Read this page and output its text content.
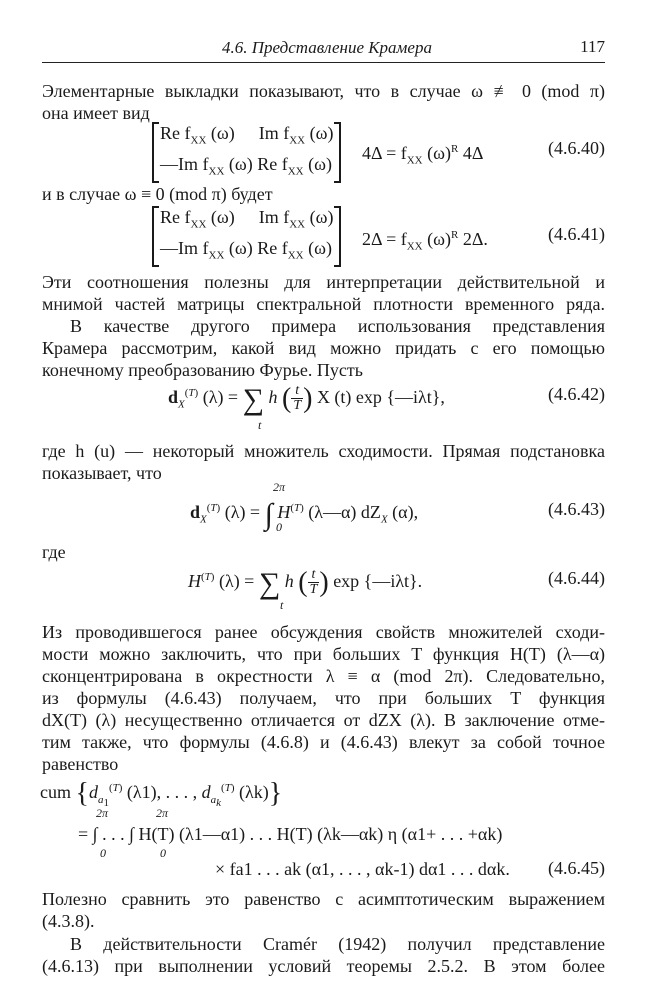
4.6. Представление Крамера	117
Элементарные выкладки показывают, что в случае ω ≢ 0 (mod π)
она имеет вид
Re $f_{XX}$ (ω) Im $f_{XX}$ (ω)
—Im $f_{XX}$ (ω) Re $f_{XX}$ (ω)
$4\Delta = f_{XX}$ $(\omega)^R$ 4Δ	(4.6.40)
и в случае ω ≡ 0 (mod π) будет
Re $f_{XX}$ (ω) Im $f_{XX}$ (ω)
—Im $f_{XX}$ (ω) Re $f_{XX}$ (ω) $2\Delta = f_{XX}$ $(\omega)^R$ 2Δ.	(4.6.41)
Эти соотношения полезны для интерпретации действительной и
мнимой частей матрицы спектральной плотности временного ряда.
В качестве другого примера использования представления
Крамера рассмотрим, какой вид можно придать с его помощью
конечному преобразованию Фурье. Пусть
$d_X^{(T)}$ (λ) = ∑ h ( $\frac{t}{T}$ ) X (t) exp {—iλt},
t
(4.6.42)
где h (u) — некоторый множитель сходимости. Прямая подстановка
показывает, что
2π
$d_X^{(T)}$ (λ) = ∫ $H^{(T)}$ (λ—α) $dZ_X$ (α),
0
(4.6.43)
где
$H^{(T)}$ (λ) = ∑ h ( $\frac{t}{T}$ ) exp {—iλt}.
t
(4.6.44)
Из проводившегося ранее обсуждения свойств множителей сходи-
мости можно заключить, что при больших T функция H(T) (λ—α)
сконцентрирована в окрестности λ ≡ α (mod 2π). Следовательно,
из формулы (4.6.43) получаем, что при больших T функция
dX(T) (λ) несущественно отличается от dZX (λ). В заключение отме-
тим также, что формулы (4.6.8) и (4.6.43) влекут за собой точное
равенство
cum {$d_{a_1}^{(T)}$ (λ1), . . . , $d_{a_k}^{(T)}$ (λk)}
2π	2π
= ∫ . . . ∫ H(T) (λ1—α1) . . . H(T) (λk—αk) η (α1+ . . . +αk)
0	0
× fa1 . . . ak (α1, . . . , αk-1) dα1 . . . dαk. (4.6.45)
Полезно сравнить это равенство с асимптотическим выражением
(4.3.8).
В действительности Cramér (1942) получил представление
(4.6.13) при выполнении условий теоремы 2.5.2. В этом более
